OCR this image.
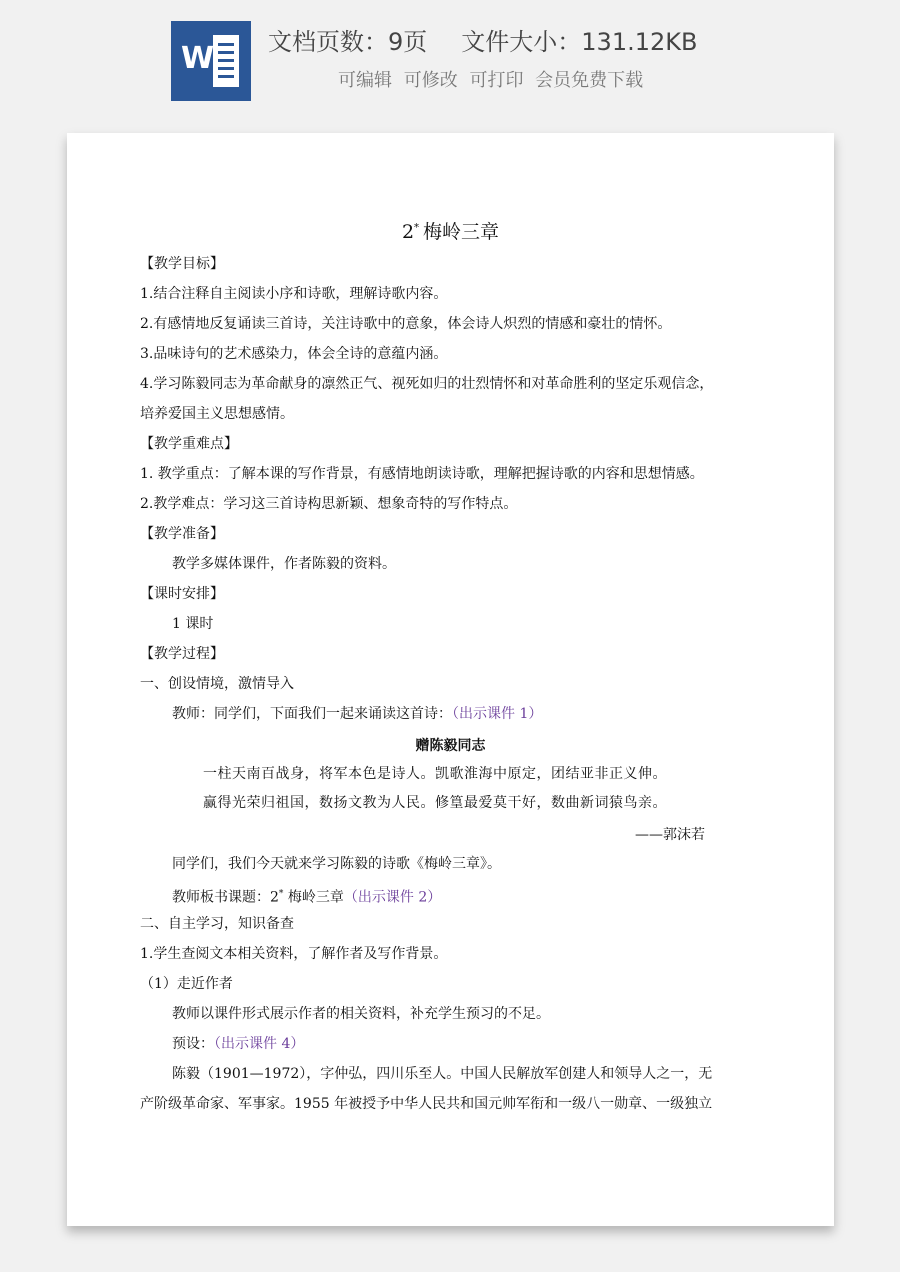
W 文档页数：9页 文件大小：131.12KB
可编辑 可修改 可打印 会员免费下载
2* 梅岭三章
【教学目标】
1.结合注释自主阅读小序和诗歌，理解诗歌内容。
2.有感情地反复诵读三首诗，关注诗歌中的意象，体会诗人炽烈的情感和豪壮的情怀。
3.品味诗句的艺术感染力，体会全诗的意蕴内涵。
4.学习陈毅同志为革命献身的凛然正气、视死如归的壮烈情怀和对革命胜利的坚定乐观信念，
培养爱国主义思想感情。
【教学重难点】
1. 教学重点：了解本课的写作背景，有感情地朗读诗歌，理解把握诗歌的内容和思想情感。
2.教学难点：学习这三首诗构思新颖、想象奇特的写作特点。
【教学准备】
教学多媒体课件，作者陈毅的资料。
【课时安排】
1 课时
【教学过程】
一、创设情境，激情导入
教师：同学们，下面我们一起来诵读这首诗：（出示课件 1）
赠陈毅同志
一柱天南百战身，将军本色是诗人。凯歌淮海中原定，团结亚非正义伸。
赢得光荣归祖国，数扬文教为人民。修篁最爱莫干好，数曲新词猿鸟亲。
——郭沫若
同学们，我们今天就来学习陈毅的诗歌《梅岭三章》。
教师板书课题：2* 梅岭三章（出示课件 2）
二、自主学习，知识备查
1.学生查阅文本相关资料，了解作者及写作背景。
（1）走近作者
教师以课件形式展示作者的相关资料，补充学生预习的不足。
预设：（出示课件 4）
陈毅（1901—1972），字仲弘，四川乐至人。中国人民解放军创建人和领导人之一，无
产阶级革命家、军事家。1955 年被授予中华人民共和国元帅军衔和一级八一勋章、一级独立
